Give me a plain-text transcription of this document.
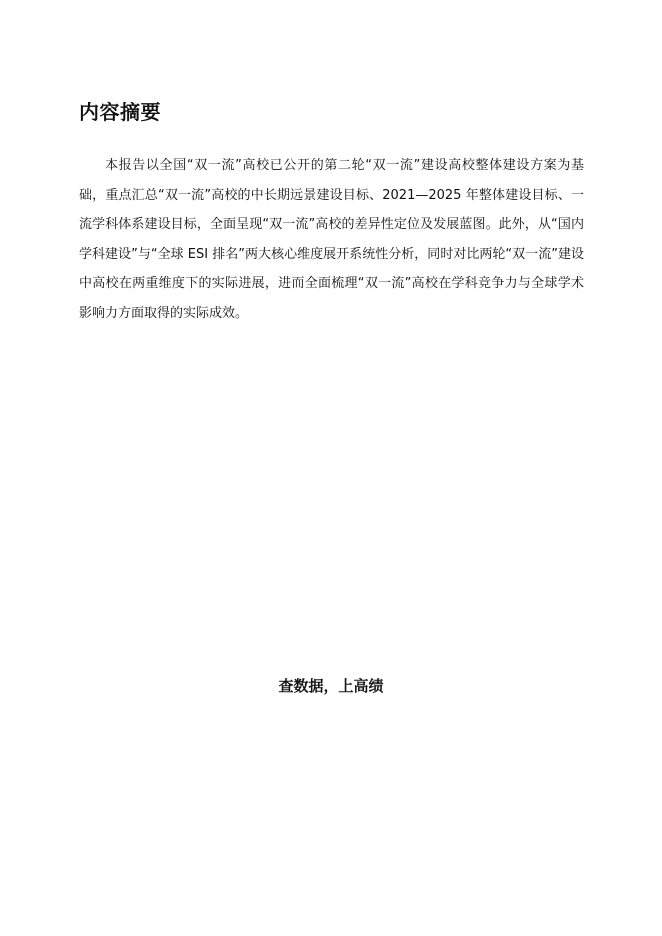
内容摘要

本报告以全国“双一流”高校已公开的第二轮“双一流”建设高校整体建设方案为基础，重点汇总“双一流”高校的中长期远景建设目标、2021—2025 年整体建设目标、一流学科体系建设目标，全面呈现“双一流”高校的差异性定位及发展蓝图。此外，从“国内学科建设”与“全球 ESI 排名”两大核心维度展开系统性分析，同时对比两轮“双一流”建设中高校在两重维度下的实际进展，进而全面梳理“双一流”高校在学科竞争力与全球学术影响力方面取得的实际成效。

查数据，上高绩
